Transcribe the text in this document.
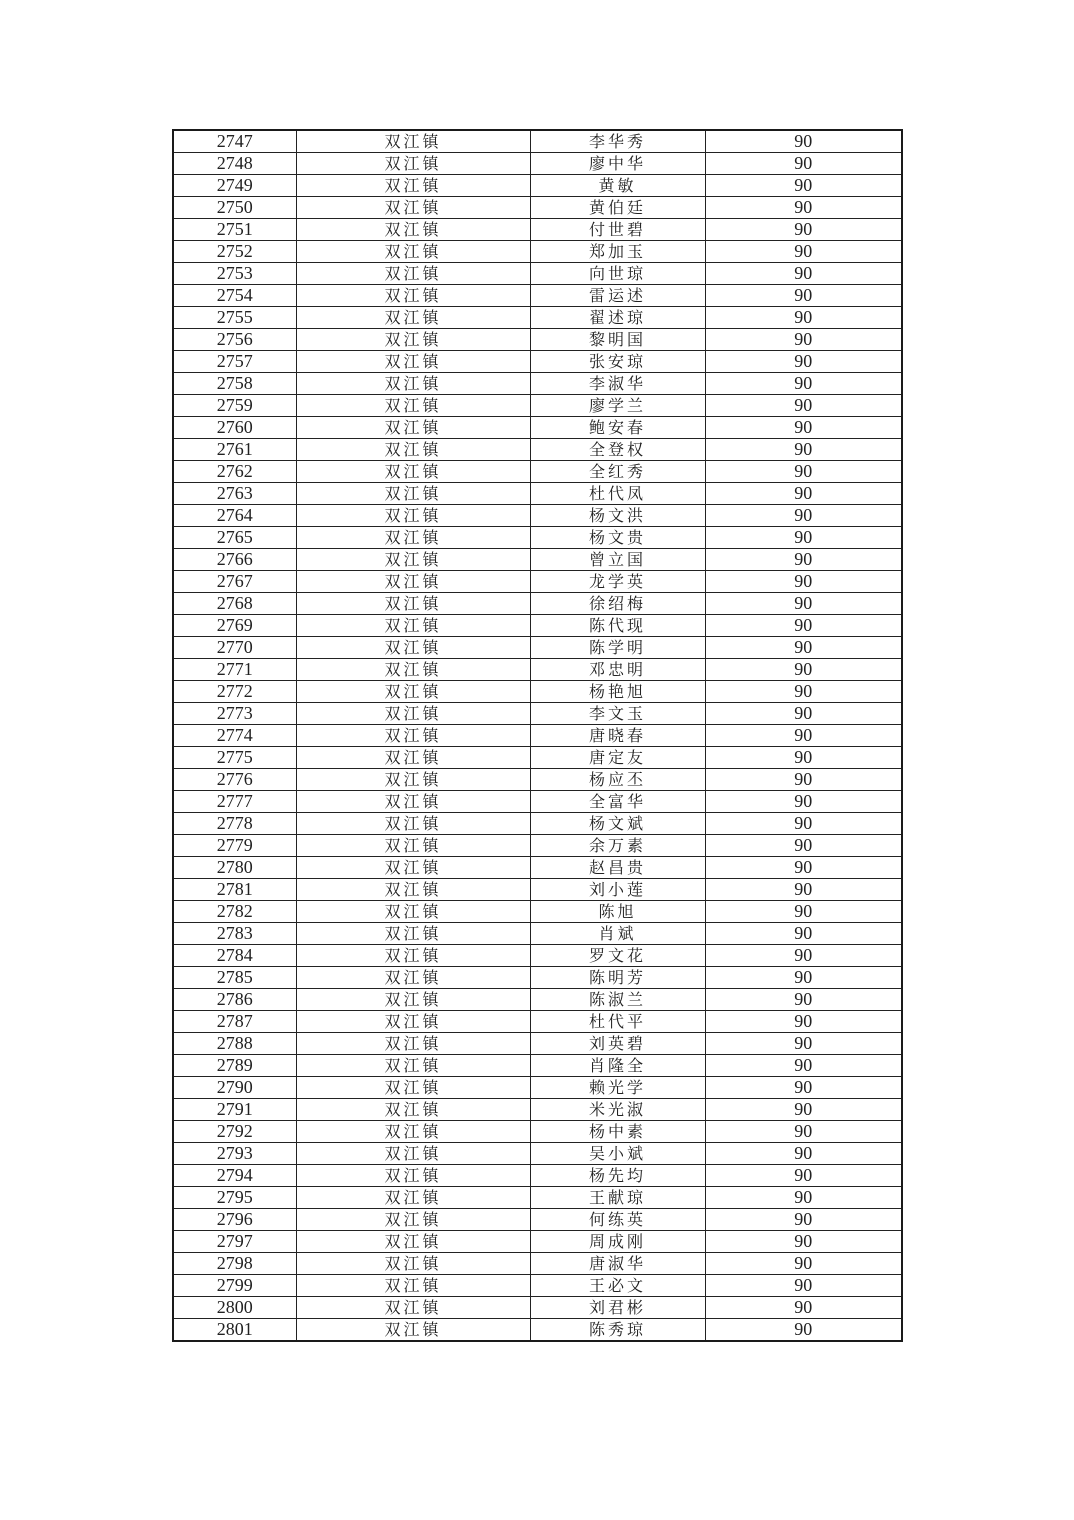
2747	双江镇	李华秀	90
2748	双江镇	廖中华	90
2749	双江镇	黄敏	90
2750	双江镇	黄伯廷	90
2751	双江镇	付世碧	90
2752	双江镇	郑加玉	90
2753	双江镇	向世琼	90
2754	双江镇	雷运述	90
2755	双江镇	翟述琼	90
2756	双江镇	黎明国	90
2757	双江镇	张安琼	90
2758	双江镇	李淑华	90
2759	双江镇	廖学兰	90
2760	双江镇	鲍安春	90
2761	双江镇	全登权	90
2762	双江镇	全红秀	90
2763	双江镇	杜代凤	90
2764	双江镇	杨文洪	90
2765	双江镇	杨文贵	90
2766	双江镇	曾立国	90
2767	双江镇	龙学英	90
2768	双江镇	徐绍梅	90
2769	双江镇	陈代现	90
2770	双江镇	陈学明	90
2771	双江镇	邓忠明	90
2772	双江镇	杨艳旭	90
2773	双江镇	李文玉	90
2774	双江镇	唐晓春	90
2775	双江镇	唐定友	90
2776	双江镇	杨应丕	90
2777	双江镇	全富华	90
2778	双江镇	杨文斌	90
2779	双江镇	余万素	90
2780	双江镇	赵昌贵	90
2781	双江镇	刘小莲	90
2782	双江镇	陈旭	90
2783	双江镇	肖斌	90
2784	双江镇	罗文花	90
2785	双江镇	陈明芳	90
2786	双江镇	陈淑兰	90
2787	双江镇	杜代平	90
2788	双江镇	刘英碧	90
2789	双江镇	肖隆全	90
2790	双江镇	赖光学	90
2791	双江镇	米光淑	90
2792	双江镇	杨中素	90
2793	双江镇	吴小斌	90
2794	双江镇	杨先均	90
2795	双江镇	王献琼	90
2796	双江镇	何练英	90
2797	双江镇	周成刚	90
2798	双江镇	唐淑华	90
2799	双江镇	王必文	90
2800	双江镇	刘君彬	90
2801	双江镇	陈秀琼	90
